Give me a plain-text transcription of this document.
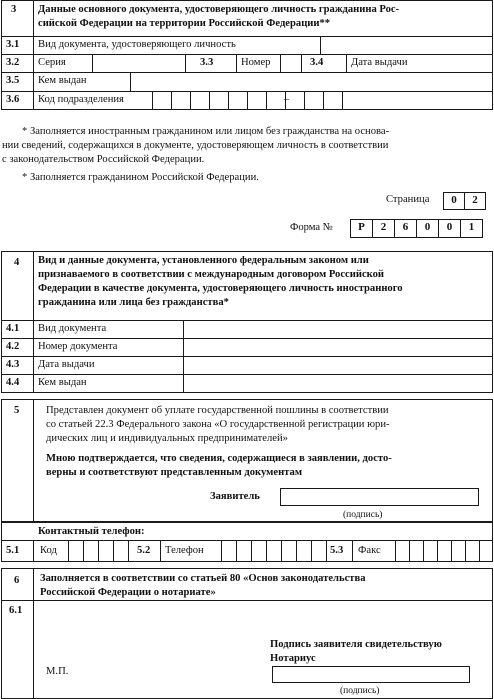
3 Данные основного документа, удостоверяющего личность гражданина Рос-
сийской Федерации на территории Российской Федерации**
3.1 Вид документа, удостоверяющего личность
3.2 Серия	3.3	Номер	3.4	Дата выдачи
3.5 Кем выдан
3.6 Код подразделения	–
* Заполняется иностранным гражданином или лицом без гражданства на основа-
нии сведений, содержащихся в документе, удостоверяющем личность в соответствии
с законодательством Российской Федерации.
* Заполняется гражданином Российской Федерации.
Страница	0	2
Форма №	Р	2	6	0	0	1
4 Вид и данные документа, установленного федеральным законом или
признаваемого в соответствии с международным договором Российской
Федерации в качестве документа, удостоверяющего личность иностранного
гражданина или лица без гражданства*
4.1 Вид документа
4.2 Номер документа
4.3 Дата выдачи
4.4 Кем выдан
5	Представлен документ об уплате государственной пошлины в соответствии
со статьей 22.3 Федерального закона «О государственной регистрации юри-
дических лиц и индивидуальных предпринимателей»
Мною подтверждается, что сведения, содержащиеся в заявлении, досто-
верны и соответствуют представленным документам
Заявитель
(подпись)
Контактный телефон:
5.1 Код	5.2 Телефон	5.3 Факс
6 Заполняется в соответствии со статьей 80 «Основ законодательства
Российской Федерации о нотариате»
6.1
Подпись заявителя свидетельствую
Нотариус
М.П.
(подпись)
